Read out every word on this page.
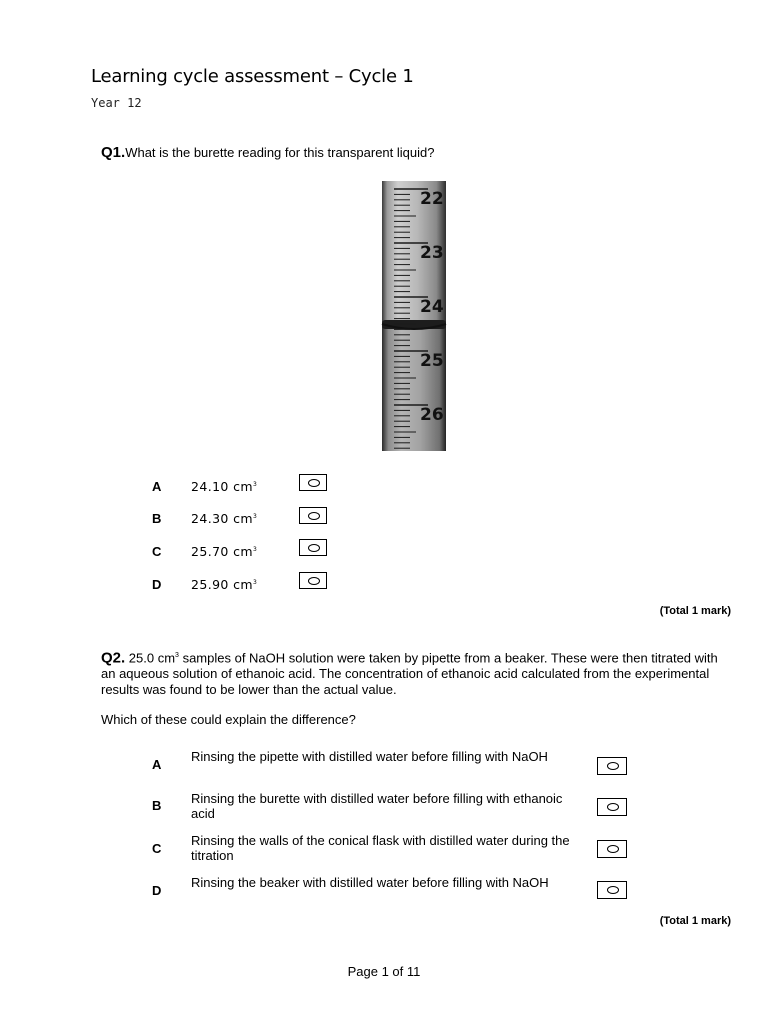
Learning cycle assessment – Cycle 1
Year 12
Q1.What is the burette reading for this transparent liquid?
22
23
24
25
26
A 24.10 $cm^3$
B 24.30 $cm^3$
C 25.70 $cm^3$
D 25.90 $cm^3$
(Total 1 mark)
Q2. 25.0 $cm^3$ samples of NaOH solution were taken by pipette from a beaker. These were then titrated with an aqueous solution of ethanoic acid. The concentration of ethanoic acid calculated from the experimental results was found to be lower than the actual value.
Which of these could explain the difference?
A
Rinsing the pipette with distilled water before filling with NaOH
B Rinsing the burette with distilled water before filling with ethanoic acid
C
Rinsing the walls of the conical flask with distilled water during the titration
D
Rinsing the beaker with distilled water before filling with NaOH
(Total 1 mark)
Page 1 of 11
